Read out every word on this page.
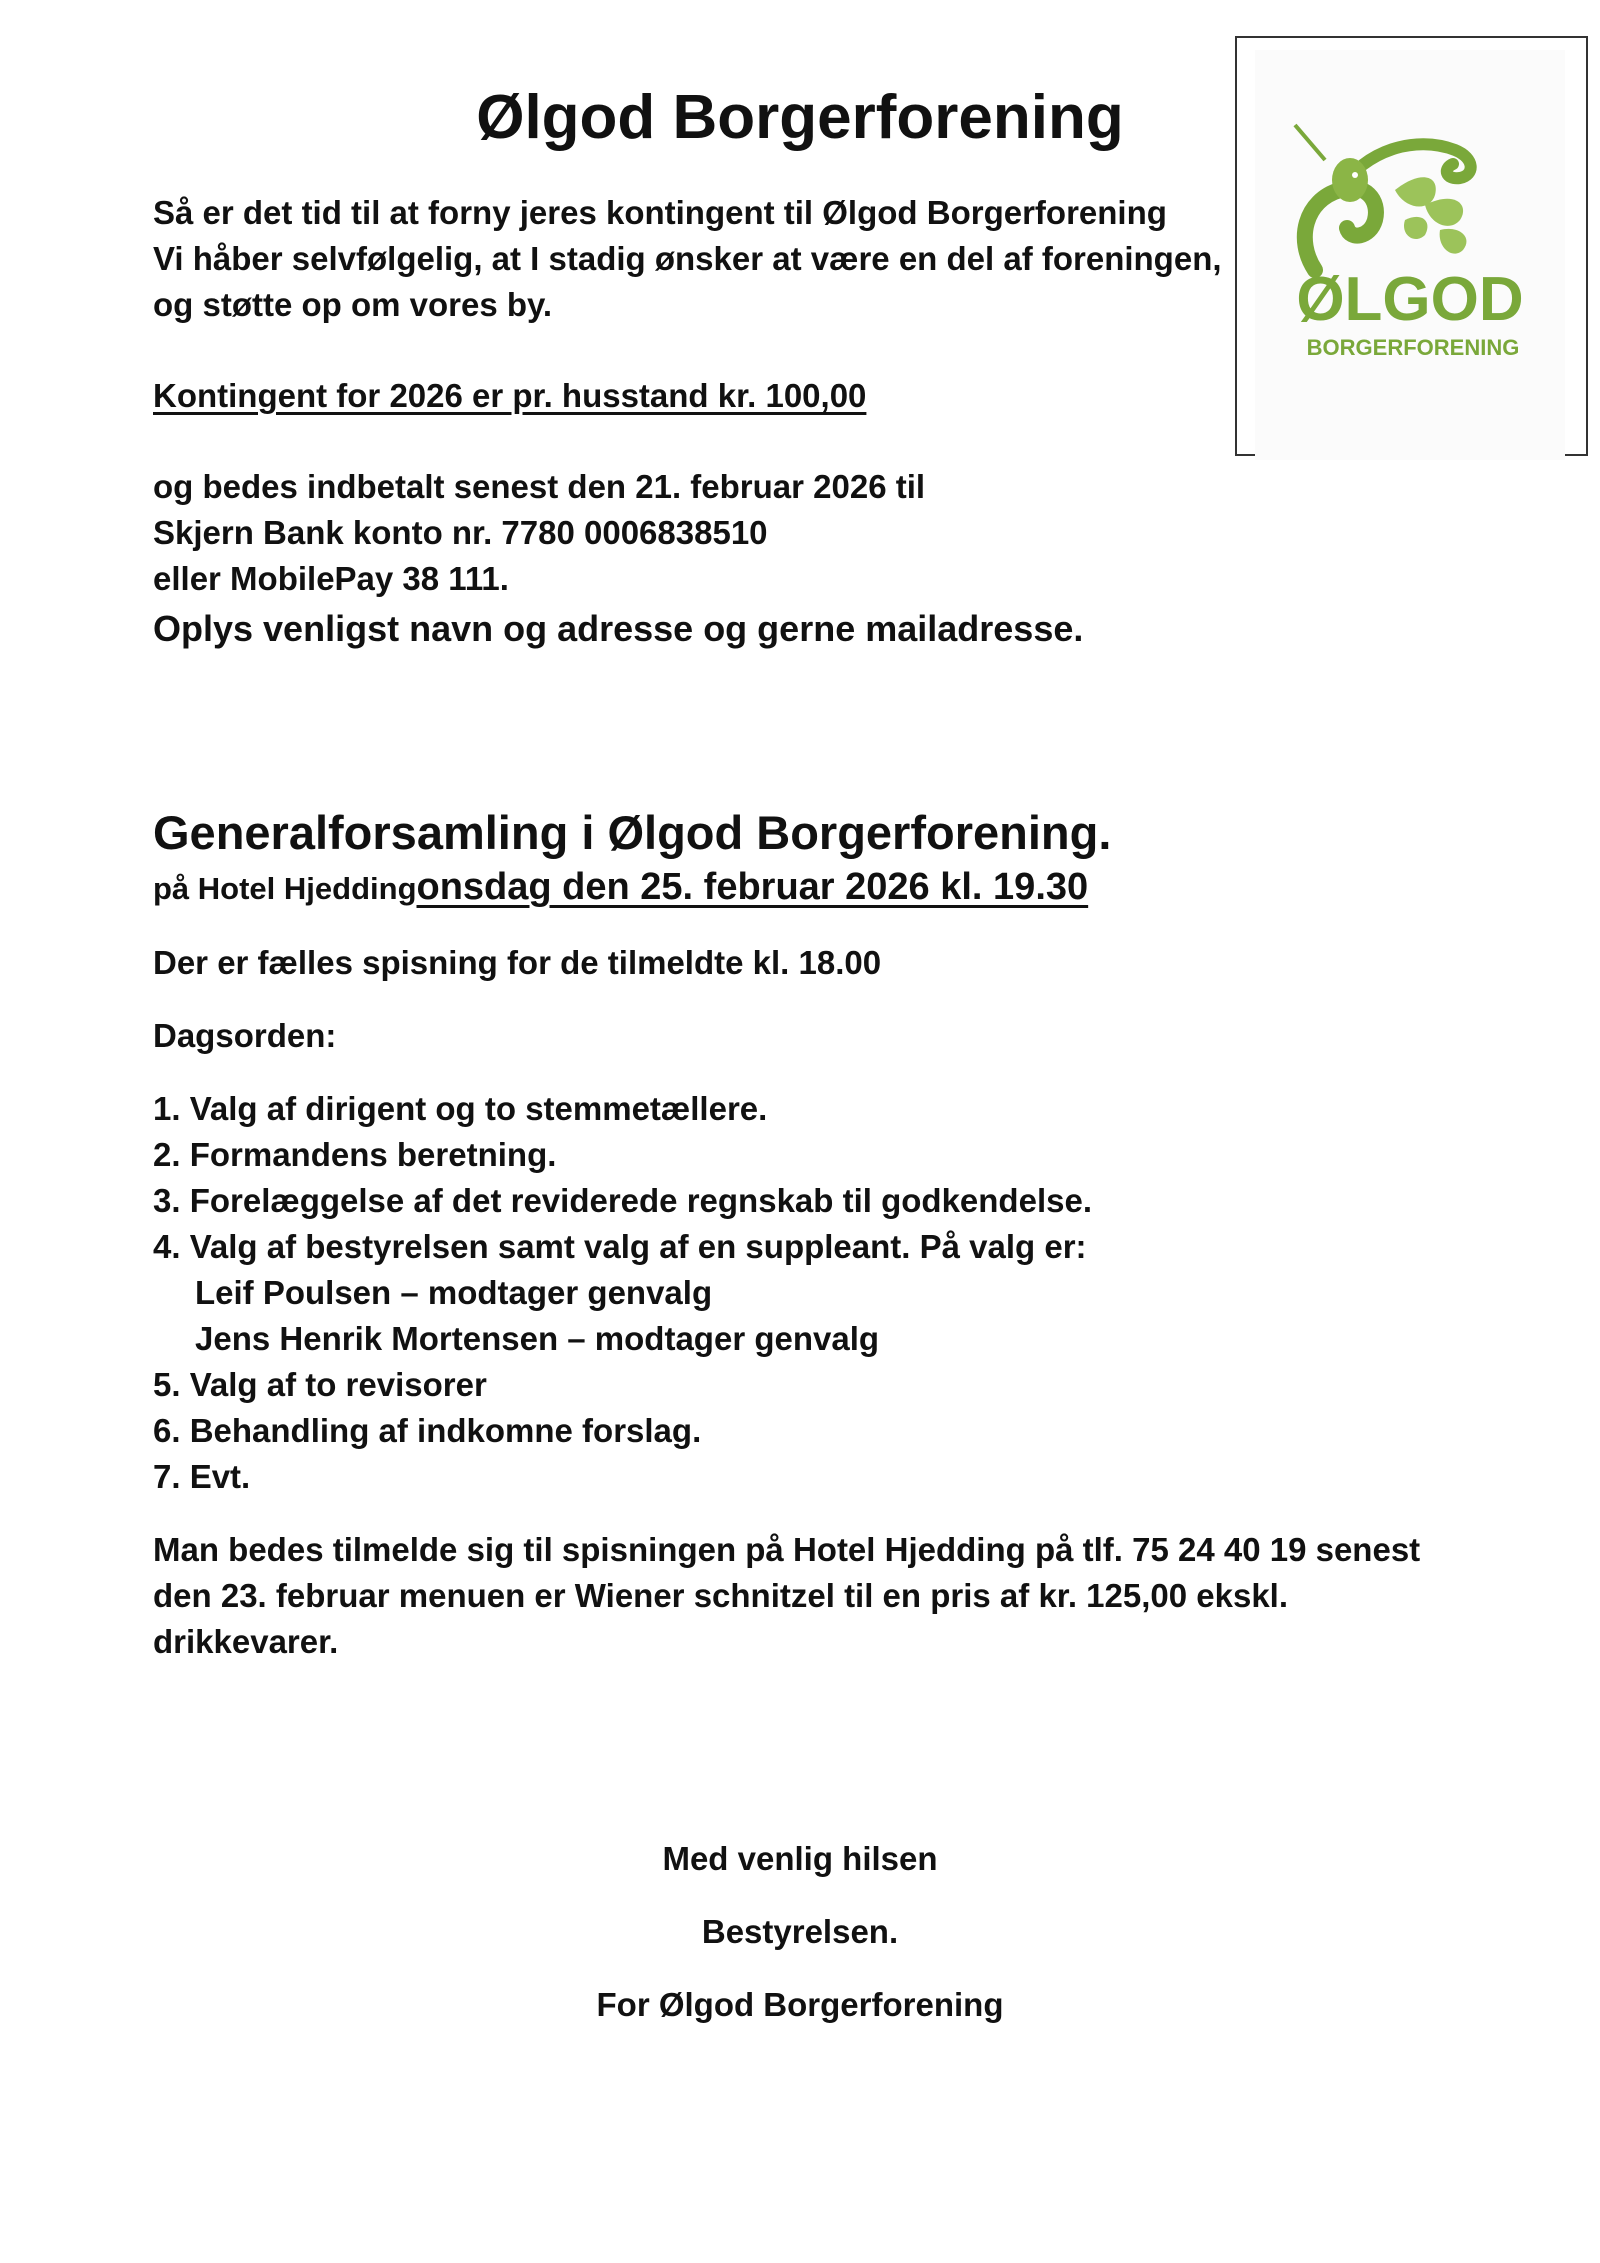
Ølgod Borgerforening
ØLGOD
BORGERFORENING
Så er det tid til at forny jeres kontingent til Ølgod Borgerforening
Vi håber selvfølgelig, at I stadig ønsker at være en del af foreningen,
og støtte op om vores by.
Kontingent for 2026 er pr. husstand kr. 100,00
og bedes indbetalt senest den 21. februar 2026 til
Skjern Bank konto nr. 7780 0006838510
eller MobilePay 38 111.
Oplys venligst navn og adresse og gerne mailadresse.
Generalforsamling i Ølgod Borgerforening.
på Hotel Hjeddingonsdag den 25. februar 2026 kl. 19.30
Der er fælles spisning for de tilmeldte kl. 18.00
Dagsorden:
1. Valg af dirigent og to stemmetællere.
2. Formandens beretning.
3. Forelæggelse af det reviderede regnskab til godkendelse.
4. Valg af bestyrelsen samt valg af en suppleant. På valg er:
Leif Poulsen – modtager genvalg
Jens Henrik Mortensen – modtager genvalg
5. Valg af to revisorer
6. Behandling af indkomne forslag.
7. Evt.
Man bedes tilmelde sig til spisningen på Hotel Hjedding på tlf. 75 24 40 19 senest
den 23. februar menuen er Wiener schnitzel til en pris af kr. 125,00 ekskl.
drikkevarer.
Med venlig hilsen
Bestyrelsen.
For Ølgod Borgerforening
